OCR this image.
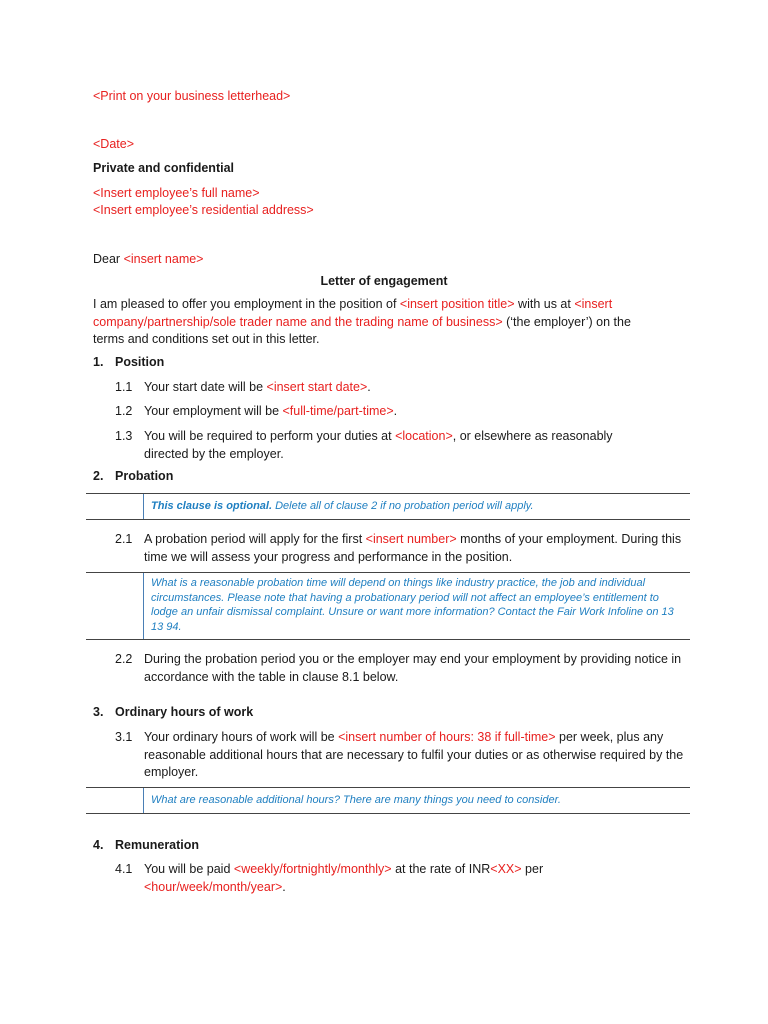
<Print on your business letterhead>
<Date>
Private and confidential
<Insert employee’s full name>
<Insert employee’s residential address>
Dear <insert name>
Letter of engagement
I am pleased to offer you employment in the position of <insert position title> with us at <insert company/partnership/sole trader name and the trading name of business> (‘the employer’) on the terms and conditions set out in this letter.
1. Position
1.1 Your start date will be <insert start date>.
1.2 Your employment will be <full-time/part-time>.
1.3 You will be required to perform your duties at <location>, or elsewhere as reasonably directed by the employer.
2. Probation
This clause is optional. Delete all of clause 2 if no probation period will apply.
2.1 A probation period will apply for the first <insert number> months of your employment. During this time we will assess your progress and performance in the position.
What is a reasonable probation time will depend on things like industry practice, the job and individual circumstances. Please note that having a probationary period will not affect an employee’s entitlement to lodge an unfair dismissal complaint. Unsure or want more information? Contact the Fair Work Infoline on 13 13 94.
2.2 During the probation period you or the employer may end your employment by providing notice in accordance with the table in clause 8.1 below.
3. Ordinary hours of work
3.1 Your ordinary hours of work will be <insert number of hours: 38 if full-time> per week, plus any reasonable additional hours that are necessary to fulfil your duties or as otherwise required by the employer.
What are reasonable additional hours? There are many things you need to consider.
4. Remuneration
4.1 You will be paid <weekly/fortnightly/monthly> at the rate of INR<XX> per <hour/week/month/year>.
